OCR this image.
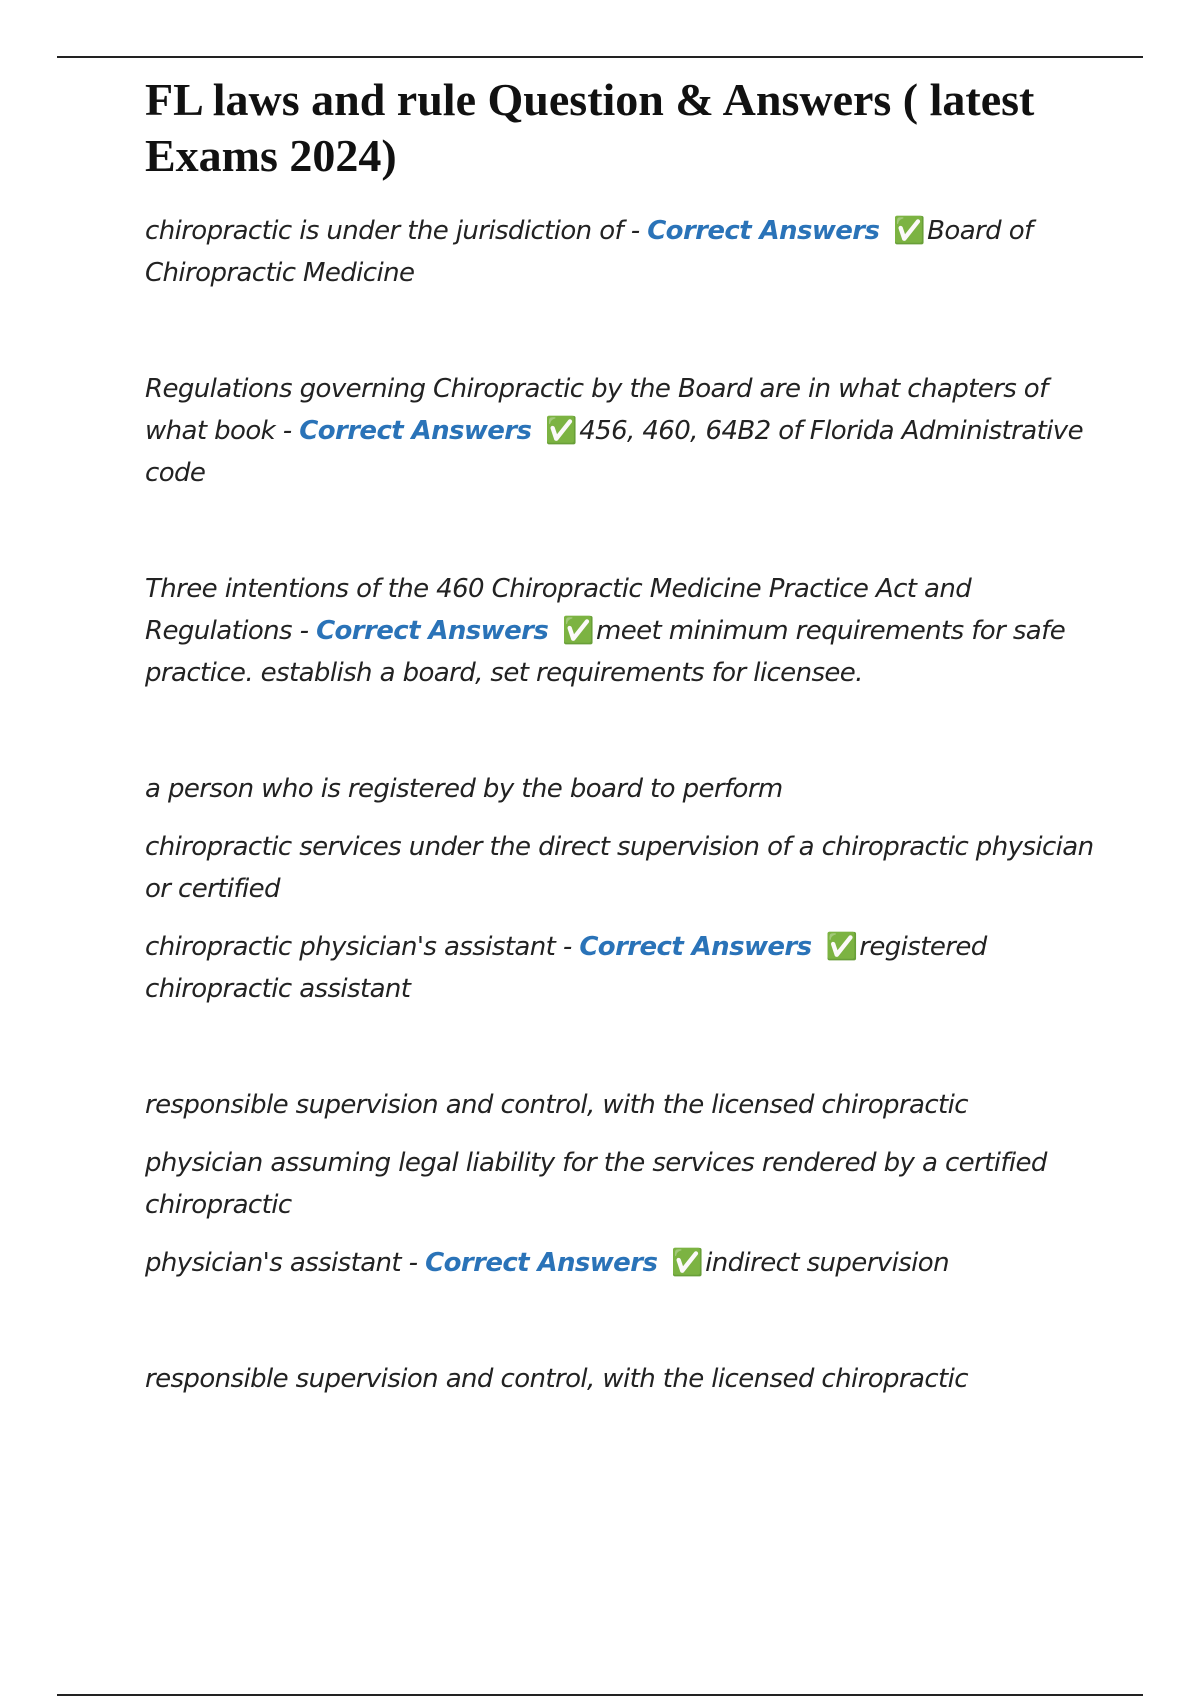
FL laws and rule Question & Answers ( latest Exams 2024)

chiropractic is under the jurisdiction of - Correct Answers ✅Board of Chiropractic Medicine

Regulations governing Chiropractic by the Board are in what chapters of what book - Correct Answers ✅456, 460, 64B2 of Florida Administrative code

Three intentions of the 460 Chiropractic Medicine Practice Act and Regulations - Correct Answers ✅meet minimum requirements for safe practice. establish a board, set requirements for licensee.

a person who is registered by the board to perform

chiropractic services under the direct supervision of a chiropractic physician or certified

chiropractic physician's assistant - Correct Answers ✅registered chiropractic assistant

responsible supervision and control, with the licensed chiropractic

physician assuming legal liability for the services rendered by a certified chiropractic

physician's assistant - Correct Answers ✅indirect supervision

responsible supervision and control, with the licensed chiropractic
